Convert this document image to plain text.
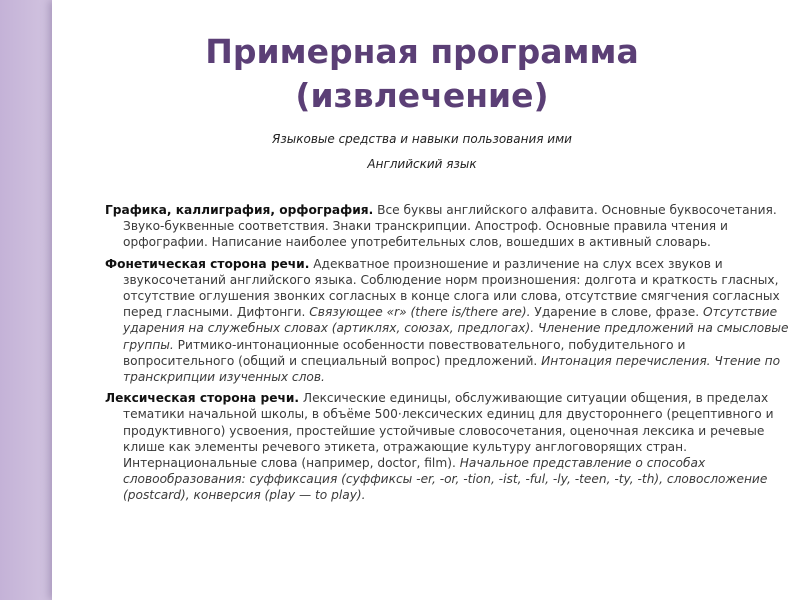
Примерная программа
(извлечение)
Языковые средства и навыки пользования ими
Английский язык

Графика, каллиграфия, орфография. Все буквы английского алфавита. Основные буквосочетания. Звуко-буквенные соответствия. Знаки транскрипции. Апостроф. Основные правила чтения и орфографии. Написание наиболее употребительных слов, вошедших в активный словарь.

Фонетическая сторона речи. Адекватное произношение и различение на слух всех звуков и звукосочетаний английского языка. Соблюдение норм произношения: долгота и краткость гласных, отсутствие оглушения звонких согласных в конце слога или слова, отсутствие смягчения согласных перед гласными. Дифтонги. Связующее «r» (there is/there are). Ударение в слове, фразе. Отсутствие ударения на служебных словах (артиклях, союзах, предлогах). Членение предложений на смысловые группы. Ритмико-интонационные особенности повествовательного, побудительного и вопросительного (общий и специальный вопрос) предложений. Интонация перечисления. Чтение по транскрипции изученных слов.

Лексическая сторона речи. Лексические единицы, обслуживающие ситуации общения, в пределах тематики начальной школы, в объёме 500·лексических единиц для двустороннего (рецептивного и продуктивного) усвоения, простейшие устойчивые словосочетания, оценочная лексика и речевые клише как элементы речевого этикета, отражающие культуру англоговорящих стран. Интернациональные слова (например, doctor, film). Начальное представление о способах словообразования: суффиксация (суффиксы -er, -or, -tion, -ist, -ful, -ly, -teen, -ty, -th), словосложение (postcard), конверсия (play — to play).
